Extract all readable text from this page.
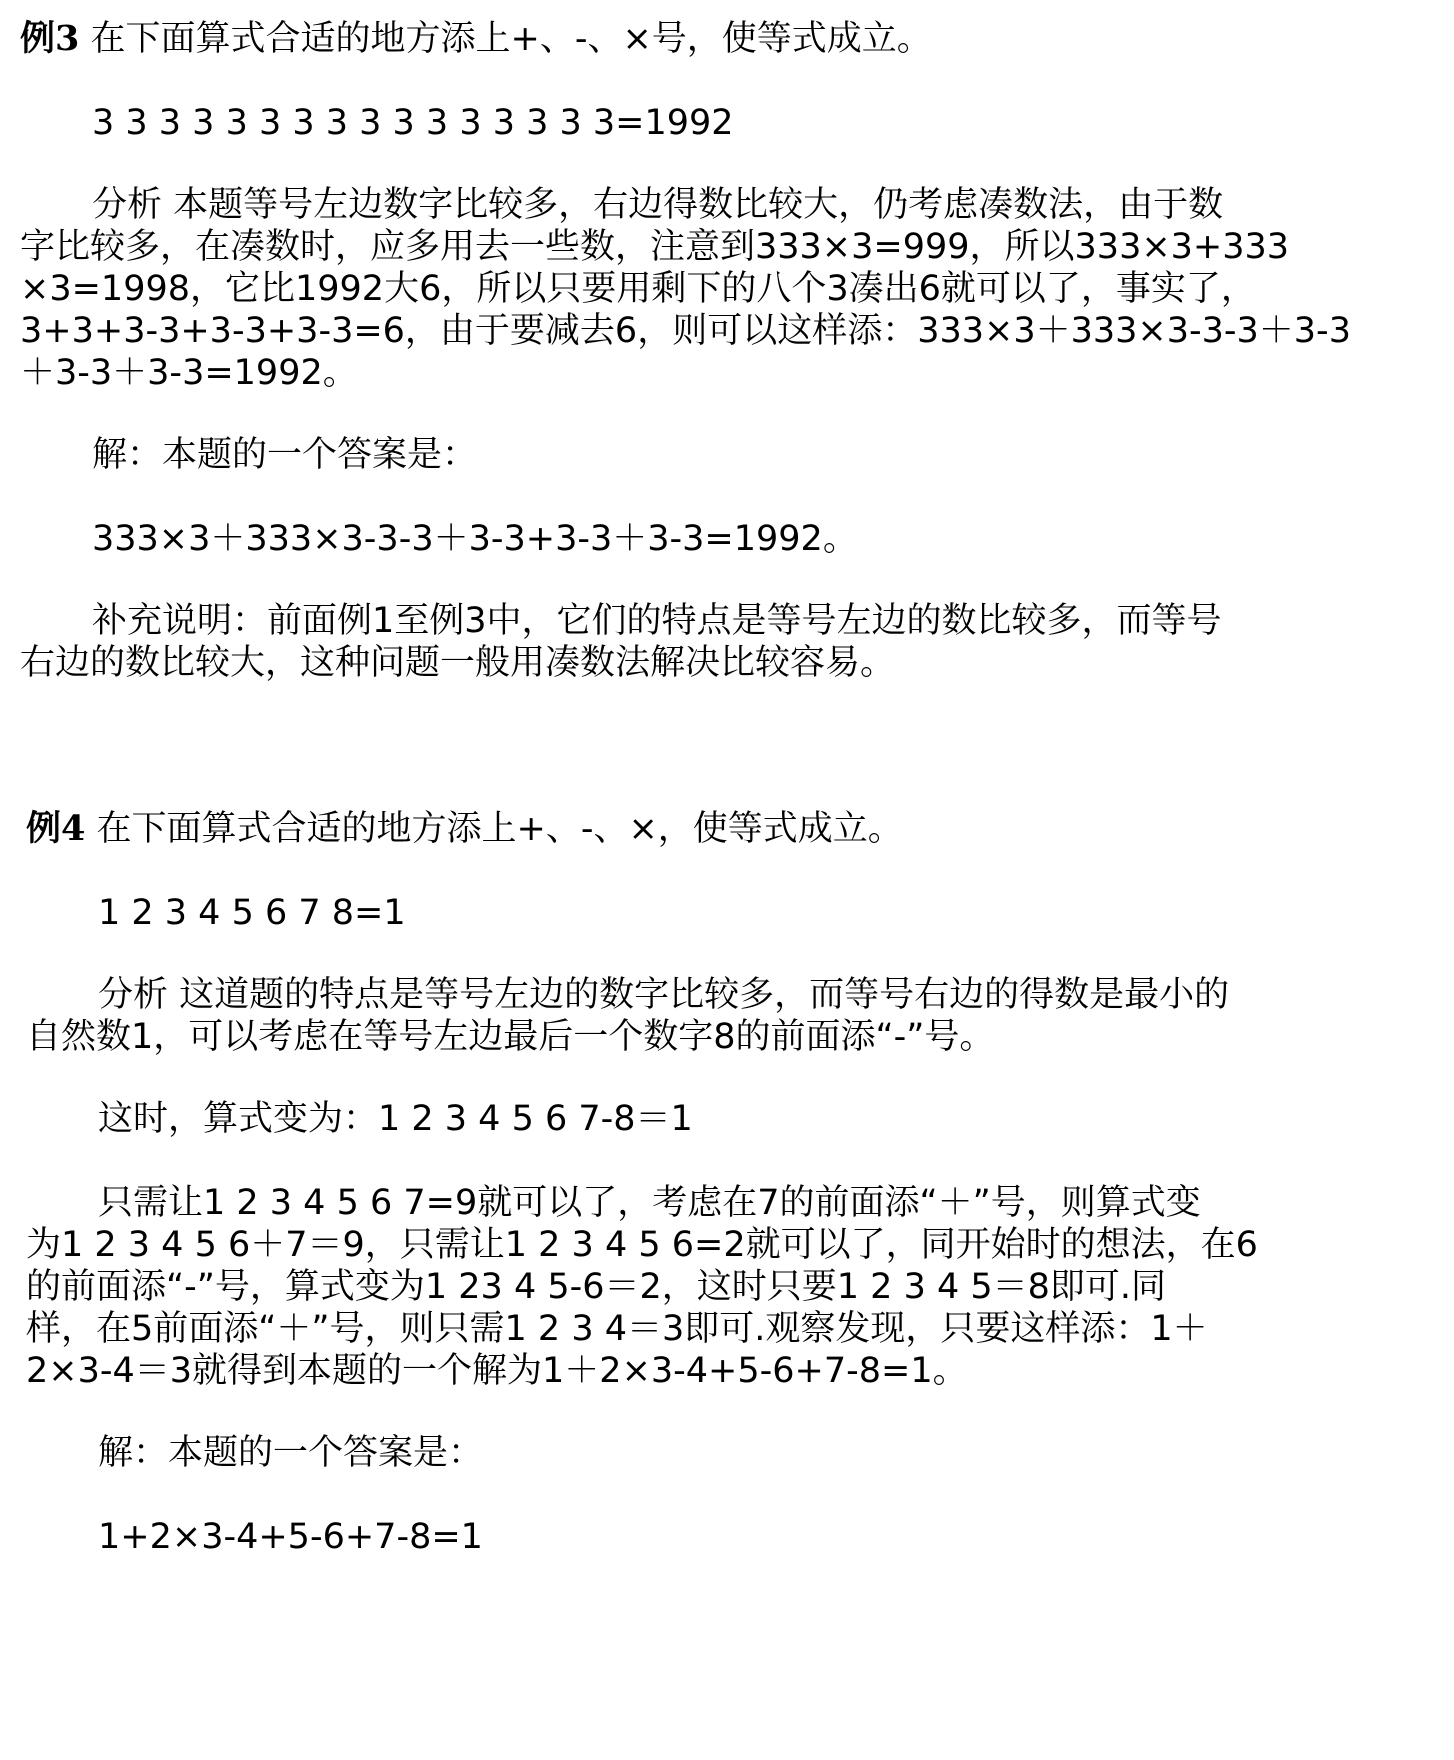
例3 在下面算式合适的地方添上+、-、×号，使等式成立。
3 3 3 3 3 3 3 3 3 3 3 3 3 3 3 3=1992
分析 本题等号左边数字比较多，右边得数比较大，仍考虑凑数法，由于数
字比较多，在凑数时，应多用去一些数，注意到333×3=999，所以333×3+333
×3=1998，它比1992大6，所以只要用剩下的八个3凑出6就可以了，事实了，
3+3+3-3+3-3+3-3=6，由于要减去6，则可以这样添：333×3＋333×3-3-3＋3-3
＋3-3＋3-3=1992。
解：本题的一个答案是：
333×3＋333×3-3-3＋3-3+3-3＋3-3=1992。
补充说明：前面例1至例3中，它们的特点是等号左边的数比较多，而等号
右边的数比较大，这种问题一般用凑数法解决比较容易。
例4 在下面算式合适的地方添上+、-、×，使等式成立。
1 2 3 4 5 6 7 8=1
分析 这道题的特点是等号左边的数字比较多，而等号右边的得数是最小的
自然数1，可以考虑在等号左边最后一个数字8的前面添“-”号。
这时，算式变为：1 2 3 4 5 6 7-8＝1
只需让1 2 3 4 5 6 7=9就可以了，考虑在7的前面添“＋”号，则算式变
为1 2 3 4 5 6＋7＝9，只需让1 2 3 4 5 6=2就可以了，同开始时的想法，在6
的前面添“-”号，算式变为1 23 4 5-6＝2，这时只要1 2 3 4 5＝8即可.同
样，在5前面添“＋”号，则只需1 2 3 4＝3即可.观察发现，只要这样添：1＋
2×3-4＝3就得到本题的一个解为1＋2×3-4+5-6+7-8=1。
解：本题的一个答案是：
1+2×3-4+5-6+7-8=1
